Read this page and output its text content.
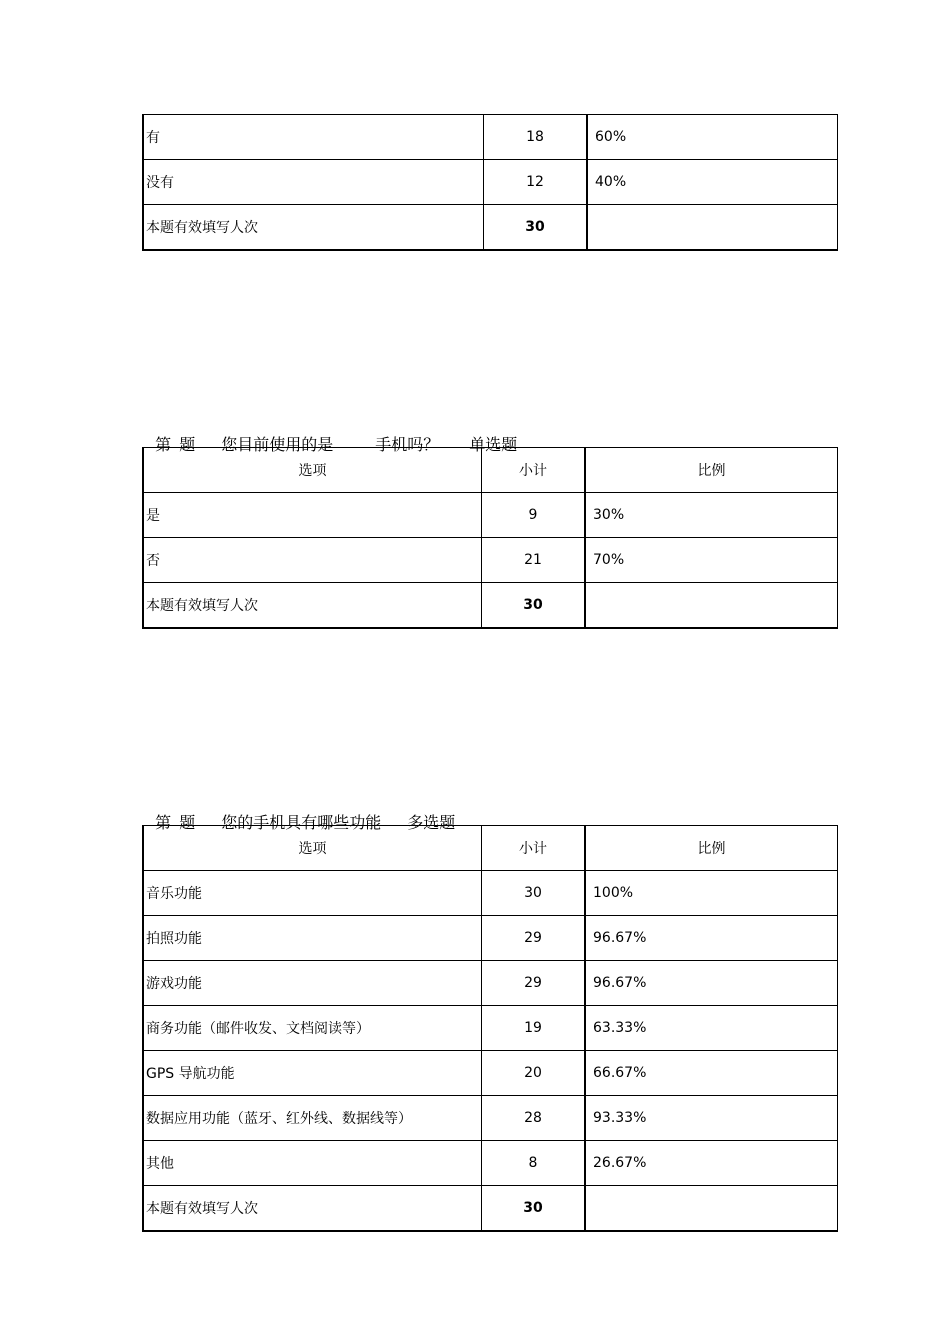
有	18	60%
没有	12	40%
本题有效填写人次	30	

第 题 您目前使用的是	手机吗？ 单选题

选项	小计	比例
是	9	30%
否	21	70%
本题有效填写人次	30	

第 题 您的手机具有哪些功能 多选题

选项	小计	比例
音乐功能	30	100%
拍照功能	29	96.67%
游戏功能	29	96.67%
商务功能（邮件收发、文档阅读等）	19	63.33%
GPS 导航功能	20	66.67%
数据应用功能（蓝牙、红外线、数据线等）	28	93.33%
其他	8	26.67%
本题有效填写人次	30	
